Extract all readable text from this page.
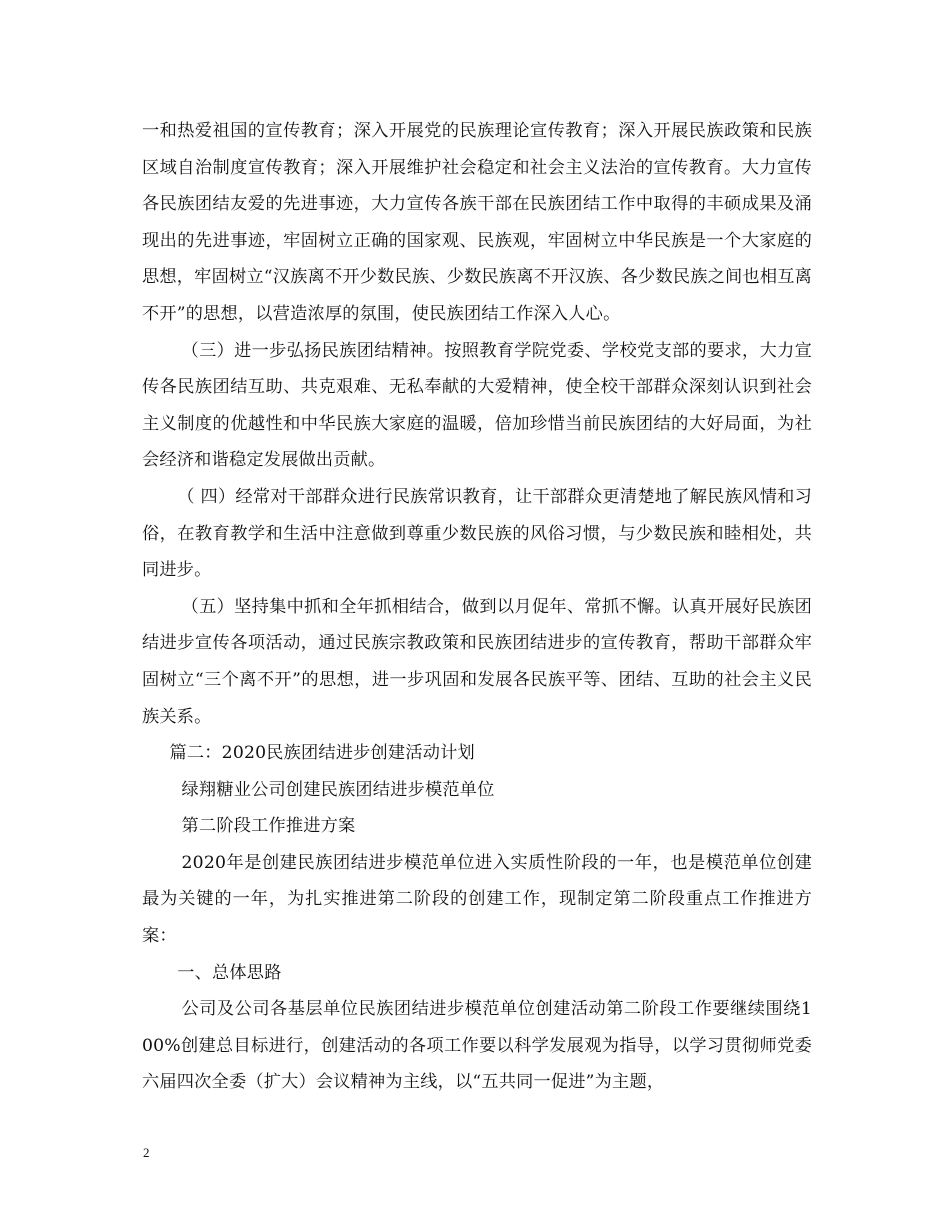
一和热爱祖国的宣传教育；深入开展党的民族理论宣传教育；深入开展民族政策和民族区域自治制度宣传教育；深入开展维护社会稳定和社会主义法治的宣传教育。大力宣传各民族团结友爱的先进事迹，大力宣传各族干部在民族团结工作中取得的丰硕成果及涌现出的先进事迹，牢固树立正确的国家观、民族观，牢固树立中华民族是一个大家庭的思想，牢固树立“汉族离不开少数民族、少数民族离不开汉族、各少数民族之间也相互离不开”的思想，以营造浓厚的氛围，使民族团结工作深入人心。

（三）进一步弘扬民族团结精神。按照教育学院党委、学校党支部的要求，大力宣传各民族团结互助、共克艰难、无私奉献的大爱精神，使全校干部群众深刻认识到社会主义制度的优越性和中华民族大家庭的温暖，倍加珍惜当前民族团结的大好局面，为社会经济和谐稳定发展做出贡献。

（ 四）经常对干部群众进行民族常识教育，让干部群众更清楚地了解民族风情和习俗，在教育教学和生活中注意做到尊重少数民族的风俗习惯，与少数民族和睦相处，共同进步。

（五）坚持集中抓和全年抓相结合，做到以月促年、常抓不懈。认真开展好民族团结进步宣传各项活动，通过民族宗教政策和民族团结进步的宣传教育，帮助干部群众牢固树立“三个离不开”的思想，进一步巩固和发展各民族平等、团结、互助的社会主义民族关系。

篇二：2020民族团结进步创建活动计划

绿翔糖业公司创建民族团结进步模范单位

第二阶段工作推进方案

2020年是创建民族团结进步模范单位进入实质性阶段的一年，也是模范单位创建最为关键的一年，为扎实推进第二阶段的创建工作，现制定第二阶段重点工作推进方案：

一、总体思路

公司及公司各基层单位民族团结进步模范单位创建活动第二阶段工作要继续围绕100%创建总目标进行，创建活动的各项工作要以科学发展观为指导，以学习贯彻师党委六届四次全委（扩大）会议精神为主线，以“五共同一促进”为主题，

2
